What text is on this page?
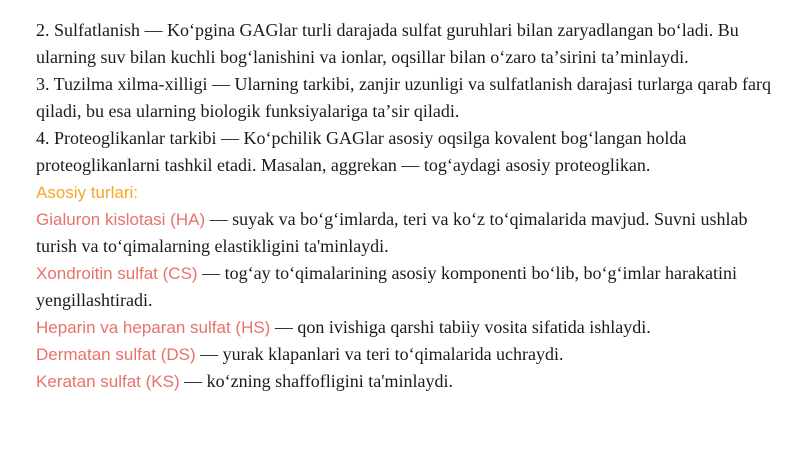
2. Sulfatlanish — Koʻpgina GAGlar turli darajada sulfat guruhlari bilan zaryadlangan boʻladi. Bu ularning suv bilan kuchli bogʻlanishini va ionlar, oqsillar bilan oʻzaro taʼsirini taʼminlaydi.

3. Tuzilma xilma-xilligi — Ularning tarkibi, zanjir uzunligi va sulfatlanish darajasi turlarga qarab farq qiladi, bu esa ularning biologik funksiyalariga taʼsir qiladi.

4. Proteoglikanlar tarkibi — Koʻpchilik GAGlar asosiy oqsilga kovalent bogʻlangan holda proteoglikanlarni tashkil etadi. Masalan, aggrekan — togʻaydagi asosiy proteoglikan.

Asosiy turlari:

Gialuron kislotasi (HA) — suyak va boʻgʻimlarda, teri va koʻz toʻqimalarida mavjud. Suvni ushlab turish va toʻqimalarning elastikligini ta'minlaydi.

Xondroitin sulfat (CS) — togʻay toʻqimalarining asosiy komponenti boʻlib, boʻgʻimlar harakatini yengillashtiradi.

Heparin va heparan sulfat (HS) — qon ivishiga qarshi tabiiy vosita sifatida ishlaydi.

Dermatan sulfat (DS) — yurak klapanlari va teri toʻqimalarida uchraydi.

Keratan sulfat (KS) — koʻzning shaffofligini ta'minlaydi.
